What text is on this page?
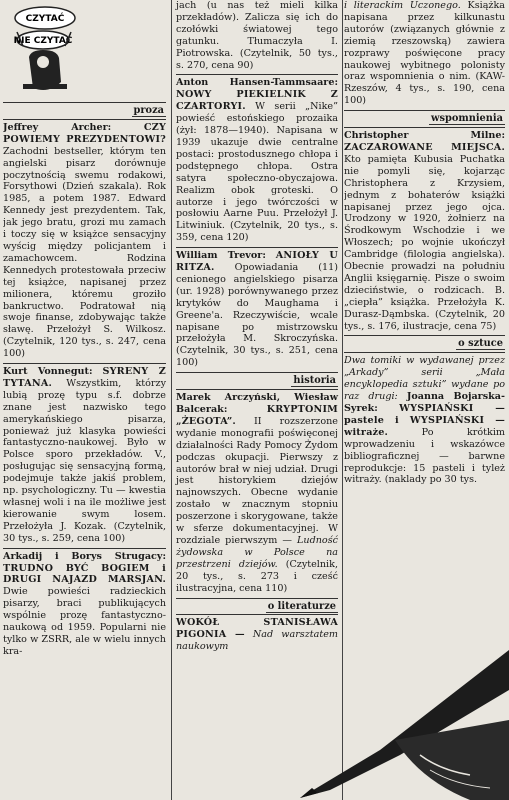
CZYTAĆ
NIE CZYTAĆ
proza

Jeffrey Archer:	CZY POWIEMY PREZYDENTOWI? Zachodni bestseller, którym ten angielski pisarz dorównuje poczytnością swemu rodakowi, Forsythowi (Dzień szakala). Rok 1985, a potem 1987. Edward Kennedy jest prezydentem. Tak, jak jego bratu, grozi mu zamach i toczy się w książce sensacyjny wyścig między policjantem i zamachowcem. Rodzina Kennedych protestowała przeciw tej książce, napisanej przez milionera, któremu groziło bankructwo. Podratował nią swoje finanse, zdobywając także sławę. Przełożył S. Wilkosz. (Czytelnik, 120 tys., s. 247, cena 100)

Kurt Vonnegut: SYRENY Z TYTANA. Wszystkim, którzy lubią prozę typu s.f. dobrze znane jest nazwisko tego amerykańskiego pisarza, ponieważ już klasyka powieści fantastyczno-naukowej. Było w Polsce sporo przekładów. V., posługując się sensacyjną formą, podejmuje także jakiś problem, np. psychologiczny. Tu — kwestia własnej woli i na ile możliwe jest kierowanie swym losem. Przełożyła J. Kozak. (Czytelnik, 30 tys., s. 259, cena 100)

Arkadij i Borys Strugacy: TRUDNO BYĆ BOGIEM i DRUGI NAJAZD MARSJAN. Dwie powieści radzieckich pisarzy, braci publikujących wspólnie prozę fantastyczno-naukową od 1959. Popularni nie tylko w ZSRR, ale w wielu innych kra-

jach (u nas też mieli kilka przekładów). Zalicza się ich do czołówki światowej tego gatunku. Tłumaczyła I. Piotrowska. (Czytelnik, 50 tys., s. 270, cena 90)

Anton Hansen-Tammsaare: NOWY PIEKIELNIK Z CZARTORYI. W serii „Nike” powieść estońskiego prozaika (żył: 1878—1940). Napisana w 1939 ukazuje dwie centralne postaci: prostodusznego chłopa i podstępnego chłopa. Ostra satyra społeczno-obyczajowa. Realizm obok groteski. O autorze i jego twórczości w posłowiu Aarne Puu. Przełożył J. Litwiniuk. (Czytelnik, 20 tys., s. 359, cena 120)

William Trevor: ANIOŁY U RITZA. Opowiadania (11) cenionego angielskiego pisarza (ur. 1928) porównywanego przez krytyków do Maughama i Greene'a. Rzeczywiście, wcale napisane po mistrzowsku przełożyła M. Skroczyńska. (Czytelnik, 30 tys., s. 251, cena 100)

historia

Marek Arczyński, Wiesław Balcerak:	KRYPTONIM „ŻEGOTA”. II rozszerzone wydanie monografii poświęconej działalności Rady Pomocy Żydom podczas okupacji. Pierwszy z autorów brał w niej udział. Drugi jest historykiem dziejów najnowszych. Obecne wydanie zostało w znacznym stopniu poszerzone i skorygowane, także w sferze dokumentacyjnej. W rozdziale pierwszym — Ludność żydowska w Polsce na przestrzeni dziejów. (Czytelnik, 20 tys., s. 273 i cześć ilustracyjna, cena 110)

o literaturze

WOKÓŁ STANISŁAWA PIGONIA — Nad warsztatem naukowym

i literackim Uczonego. Książka napisana przez kilkunastu autorów (związanych głównie z ziemią rzeszowską) zawiera rozprawy poświęcone pracy naukowej wybitnego polonisty oraz wspomnienia o nim. (KAW-Rzeszów, 4 tys., s. 190, cena 100)

wspomnienia

Christopher Milne: ZACZAROWANE MIEJSCA. Kto pamięta Kubusia Puchatka nie pomyli się, kojarząc Christophera z Krzysiem, jednym z bohaterów książki napisanej przez jego ojca. Urodzony w 1920, żołnierz na Środkowym Wschodzie i we Włoszech; po wojnie ukończył Cambridge (filologia angielska). Obecnie prowadzi na południu Anglii księgarnię. Pisze o swoim dzieciństwie, o rodzicach. B. „ciepła” książka. Przełożyła K. Durasz-Dąmbska. (Czytelnik, 20 tys., s. 176, ilustracje, cena 75)

o sztuce

Dwa tomiki w wydawanej przez „Arkady” serii „Mała encyklopedia sztuki” wydane po raz drugi: Joanna Bojarska-Syrek: WYSPIAŃSKI — pastele i WYSPIAŃSKI — witraże.	Po krótkim wprowadzeniu i wskazówce bibliograficznej — barwne reprodukcje: 15 pasteli i tyleż witraży. (naklady po 30 tys.
